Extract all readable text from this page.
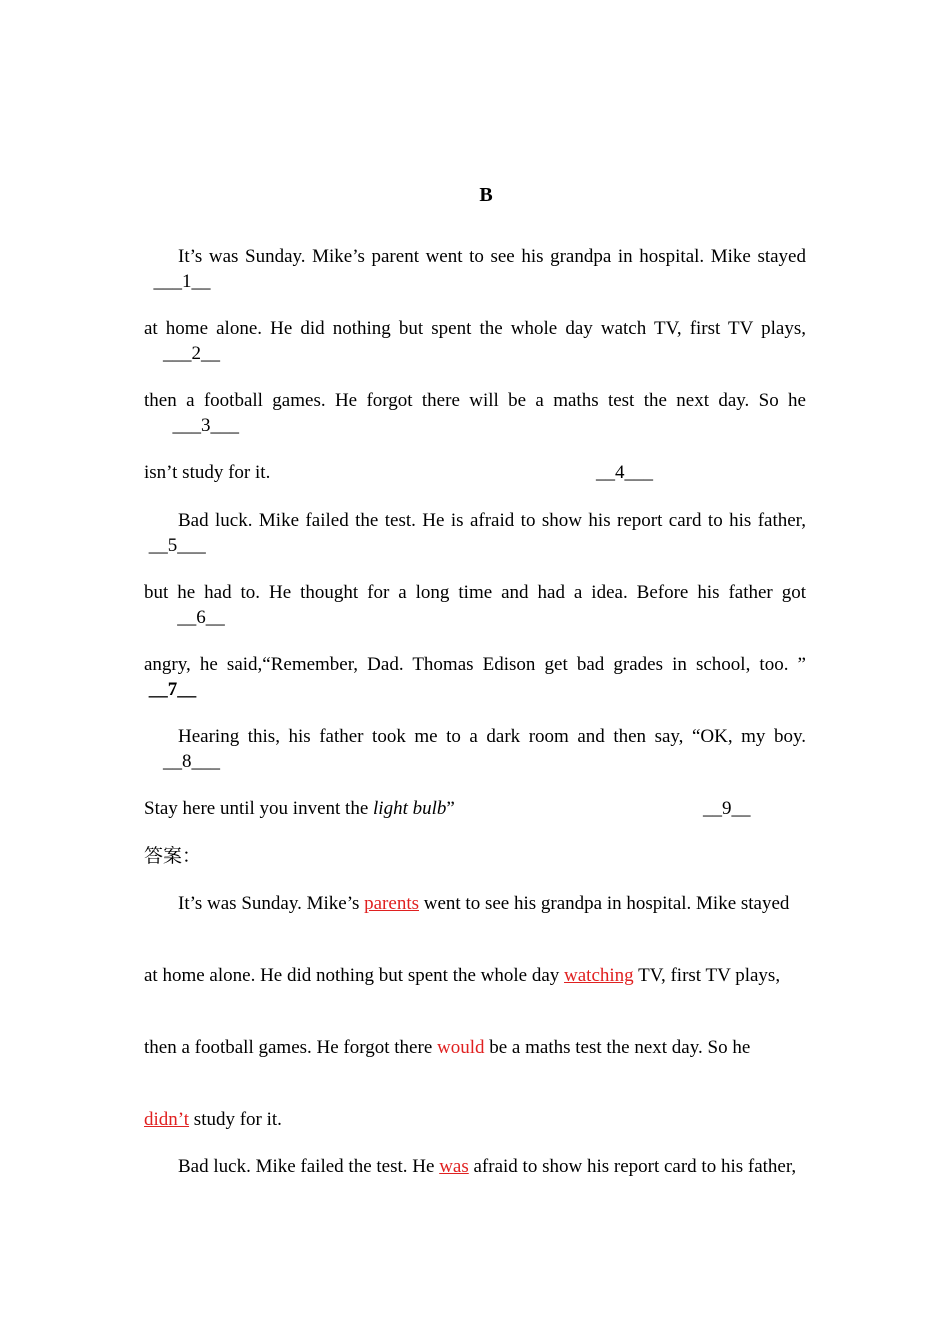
B
It’s was Sunday. Mike’s parent went to see his grandpa in hospital. Mike stayed   ___1__
at home alone. He did nothing but spent the whole day watch TV, first TV plays,     ___2__
then a football games. He forgot there will be a maths test the next day. So he       ___3___
isn’t study for it.	__4___
Bad luck. Mike failed the test. He is afraid to show his report card to his father,  __5___
but he had to. He thought for a long time and had a idea. Before his father got        __6__
angry, he said,“Remember, Dad. Thomas Edison get bad grades in school, too. ”  __7__
Hearing this, his father took me to a dark room and then say, “OK, my boy.     __8___
Stay here until you invent the light bulb”	__9__
答案：
It’s was Sunday. Mike’s parents went to see his grandpa in hospital. Mike stayed
at home alone. He did nothing but spent the whole day watching TV, first TV plays,
then a football games. He forgot there would be a maths test the next day. So he
didn’t study for it.
Bad luck. Mike failed the test. He was afraid to show his report card to his father,
